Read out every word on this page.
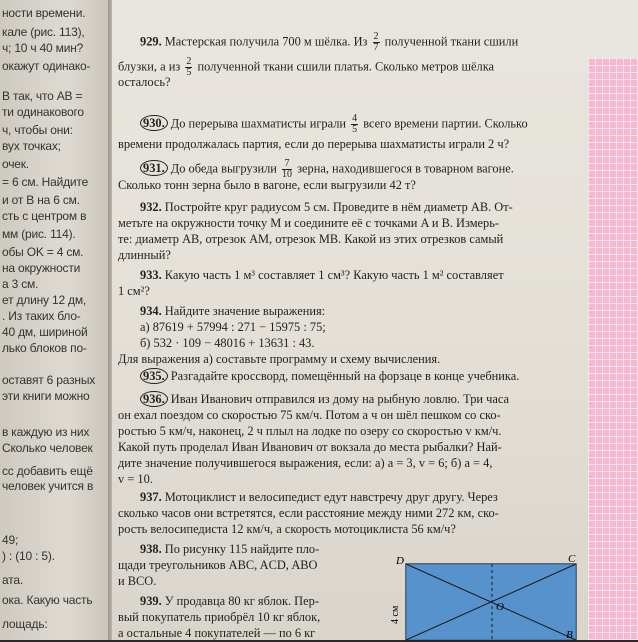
ности времени.
кале (рис. 113),
ч; 10 ч 40 мин?
окажут одинако-
В так, что AB =
ти одинакового
ч, чтобы они:
вух точках;
очек.
= 6 см. Найдите
и от B на 6 см.
сть с центром в
мм (рис. 114).
обы OK = 4 см.
на окружности
а 3 см.
ет длину 12 дм,
. Из таких бло-
40 дм, шириной
лько блоков по-
оставят 6 разных
эти книги можно
в каждую из них
Сколько человек
сс добавить ещё
человек учится в
49;
) : (10 : 5).
ата.
ока. Какую часть
лощадь:
D	C
O
B
4 см
929. Мастерская получила 700 м шёлка. Из $\frac{2}{7}$ полученной ткани сшили
блузки, а из $\frac{2}{5}$ полученной ткани сшили платья. Сколько метров шёлка
осталось?
930. До перерыва шахматисты играли $\frac{4}{5}$ всего времени партии. Сколько
времени продолжалась партия, если до перерыва шахматисты играли 2 ч?
931. До обеда выгрузили $\frac{7}{10}$ зерна, находившегося в товарном вагоне.
Сколько тонн зерна было в вагоне, если выгрузили 42 т?
932. Постройте круг радиусом 5 см. Проведите в нём диаметр AB. От-
метьте на окружности точку M и соедините её с точками A и B. Измерь-
те: диаметр AB, отрезок AM, отрезок MB. Какой из этих отрезков самый
длинный?
933. Какую часть 1 м³ составляет 1 см³? Какую часть 1 м² составляет
1 см²?
934. Найдите значение выражения:
а) 87619 + 57994 : 271 − 15975 : 75;
б) 532 · 109 − 48016 + 13631 : 43.
Для выражения а) составьте программу и схему вычисления.
935. Разгадайте кроссворд, помещённый на форзаце в конце учебника.
936. Иван Иванович отправился из дому на рыбную ловлю. Три часа
он ехал поездом со скоростью 75 км/ч. Потом a ч он шёл пешком со ско-
ростью 5 км/ч, наконец, 2 ч плыл на лодке по озеру со скоростью v км/ч.
Какой путь проделал Иван Иванович от вокзала до места рыбалки? Най-
дите значение получившегося выражения, если: а) a = 3, v = 6; б) a = 4,
v = 10.
937. Мотоциклист и велосипедист едут навстречу друг другу. Через
сколько часов они встретятся, если расстояние между ними 272 км, ско-
рость велосипедиста 12 км/ч, а скорость мотоциклиста 56 км/ч?
938. По рисунку 115 найдите пло-
щади треугольников ABC, ACD, ABO
и BCO.
939. У продавца 80 кг яблок. Пер-
вый покупатель приобрёл 10 кг яблок,
а остальные 4 покупателей — по 6 кг
